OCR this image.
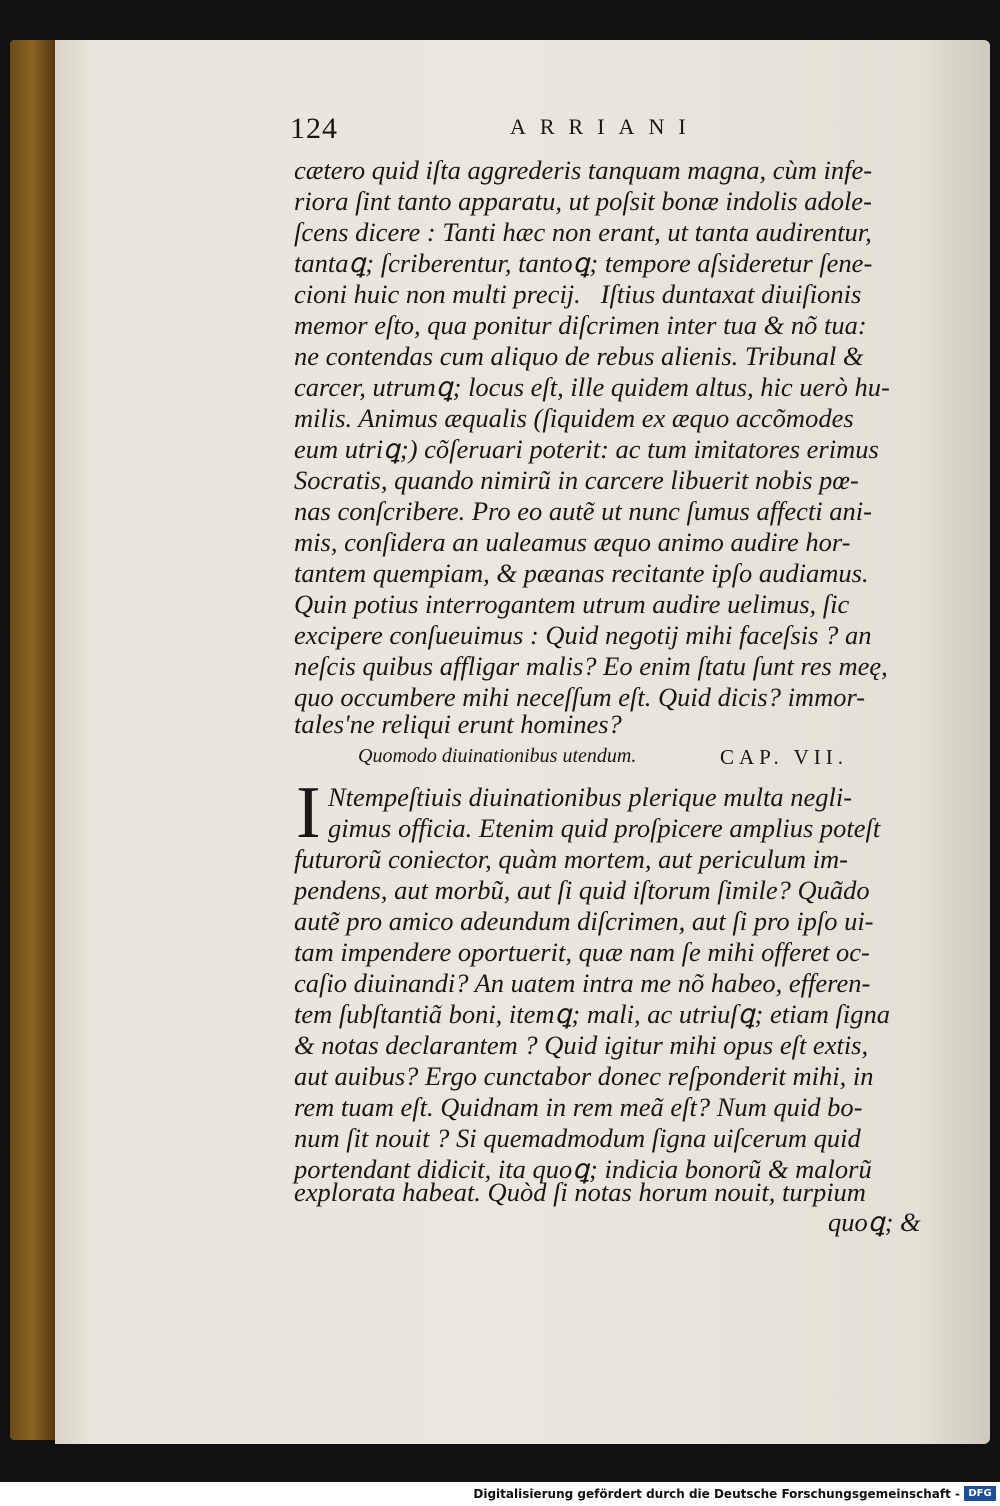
124	ARRIANI
cætero quid iſta aggrederis tanquam magna, cùm infe-
riora ſint tanto apparatu, ut poſsit bonæ indolis adole-
ſcens dicere : Tanti hæc non erant, ut tanta audirentur,
tantaꝗ; ſcriberentur, tantoꝗ; tempore aſsideretur ſene-
cioni huic non multi precij.   Iſtius duntaxat diuiſionis
memor eſto, qua ponitur diſcrimen inter tua & nõ tua:
ne contendas cum aliquo de rebus alienis. Tribunal &
carcer, utrumꝗ; locus eſt, ille quidem altus, hic uerò hu-
milis. Animus æqualis (ſiquidem ex æquo accõmodes
eum utriꝗ;) cõſeruari poterit: ac tum imitatores erimus
Socratis, quando nimirũ in carcere libuerit nobis pœ-
nas conſcribere. Pro eo autẽ ut nunc ſumus affecti ani-
mis, conſidera an ualeamus æquo animo audire hor-
tantem quempiam, & pæanas recitante ipſo audiamus.
Quin potius interrogantem utrum audire uelimus, ſic
excipere conſueuimus : Quid negotij mihi faceſsis ? an
neſcis quibus affligar malis? Eo enim ſtatu ſunt res meę,
quo occumbere mihi neceſſum eſt. Quid dicis? immor-
tales'ne reliqui erunt homines?
Quomodo diuinationibus utendum.	CAP. VII.
I Ntempeſtiuis diuinationibus plerique multa negli-
gimus officia. Etenim quid proſpicere amplius poteſt
futurorũ coniector, quàm mortem, aut periculum im-
pendens, aut morbũ, aut ſi quid iſtorum ſimile? Quãdo
autẽ pro amico adeundum diſcrimen, aut ſi pro ipſo ui-
tam impendere oportuerit, quæ nam ſe mihi offeret oc-
caſio diuinandi? An uatem intra me nõ habeo, efferen-
tem ſubſtantiã boni, itemꝗ; mali, ac utriuſꝗ; etiam ſigna
& notas declarantem ? Quid igitur mihi opus eſt extis,
aut auibus? Ergo cunctabor donec reſponderit mihi, in
rem tuam eſt. Quidnam in rem meã eſt? Num quid bo-
num ſit nouit ? Si quemadmodum ſigna uiſcerum quid
portendant didicit, ita quoꝗ; indicia bonorũ & malorũ
explorata habeat. Quòd ſi notas horum nouit, turpium
quoꝗ; &
Digitalisierung gefördert durch die Deutsche Forschungsgemeinschaft - DFG
